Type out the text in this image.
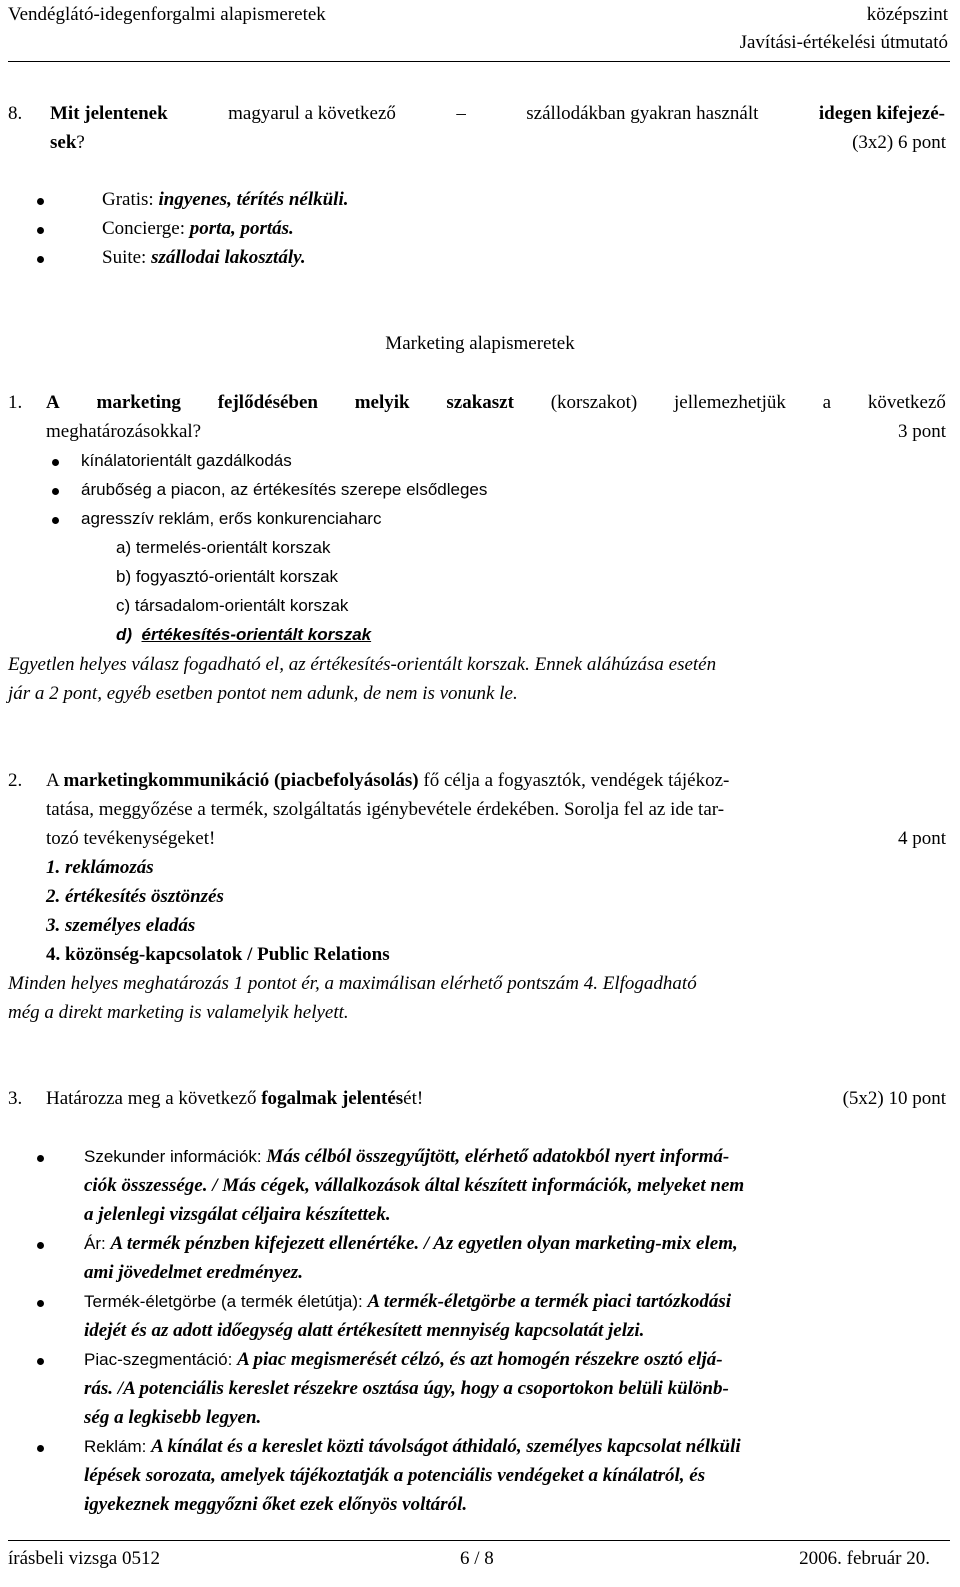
Vendéglátó-idegenforgalmi alapismeretek	középszint
Javítási-értékelési útmutató
8. Mit jelentenek	magyarul a következő	–	szállodákban gyakran használt	idegen kifejezé-
sek?	(3x2) 6 pont
Gratis: ingyenes, térítés nélküli.
Concierge: porta, portás.
Suite: szállodai lakosztály.
Marketing alapismeretek
1. A marketing fejlődésében melyik szakaszt (korszakot) jellemezhetjük a következő
meghatározásokkal?	3 pont
kínálatorientált gazdálkodás
árubőség a piacon, az értékesítés szerepe elsődleges
agresszív reklám, erős konkurenciaharc
a) termelés-orientált korszak
b) fogyasztó-orientált korszak
c) társadalom-orientált korszak
d) értékesítés-orientált korszak
Egyetlen helyes válasz fogadható el, az értékesítés-orientált korszak. Ennek aláhúzása esetén
jár a 2 pont, egyéb esetben pontot nem adunk, de nem is vonunk le.
2. A marketingkommunikáció (piacbefolyásolás) fő célja a fogyasztók, vendégek tájékoz-
tatása, meggyőzése a termék, szolgáltatás igénybevétele érdekében. Sorolja fel az ide tar-
tozó tevékenységeket!	4 pont
1. reklámozás
2. értékesítés ösztönzés
3. személyes eladás
4. közönség-kapcsolatok / Public Relations
Minden helyes meghatározás 1 pontot ér, a maximálisan elérhető pontszám 4. Elfogadható
még a direkt marketing is valamelyik helyett.
3. Határozza meg a következő fogalmak jelentését!	(5x2) 10 pont
Szekunder információk: Más célból összegyűjtött, elérhető adatokból nyert informá-
ciók összessége. / Más cégek, vállalkozások által készített információk, melyeket nem
a jelenlegi vizsgálat céljaira készítettek.
Ár: A termék pénzben kifejezett ellenértéke. / Az egyetlen olyan marketing-mix elem,
ami jövedelmet eredményez.
Termék-életgörbe (a termék életútja): A termék-életgörbe a termék piaci tartózkodási
idejét és az adott időegység alatt értékesített mennyiség kapcsolatát jelzi.
Piac-szegmentáció: A piac megismerését célzó, és azt homogén részekre osztó eljá-
rás. /A potenciális kereslet részekre osztása úgy, hogy a csoportokon belüli különb-
ség a legkisebb legyen.
Reklám: A kínálat és a kereslet közti távolságot áthidaló, személyes kapcsolat nélküli
lépések sorozata, amelyek tájékoztatják a potenciális vendégeket a kínálatról, és
igyekeznek meggyőzni őket ezek előnyös voltáról.
írásbeli vizsga 0512	6 / 8	2006. február 20.
